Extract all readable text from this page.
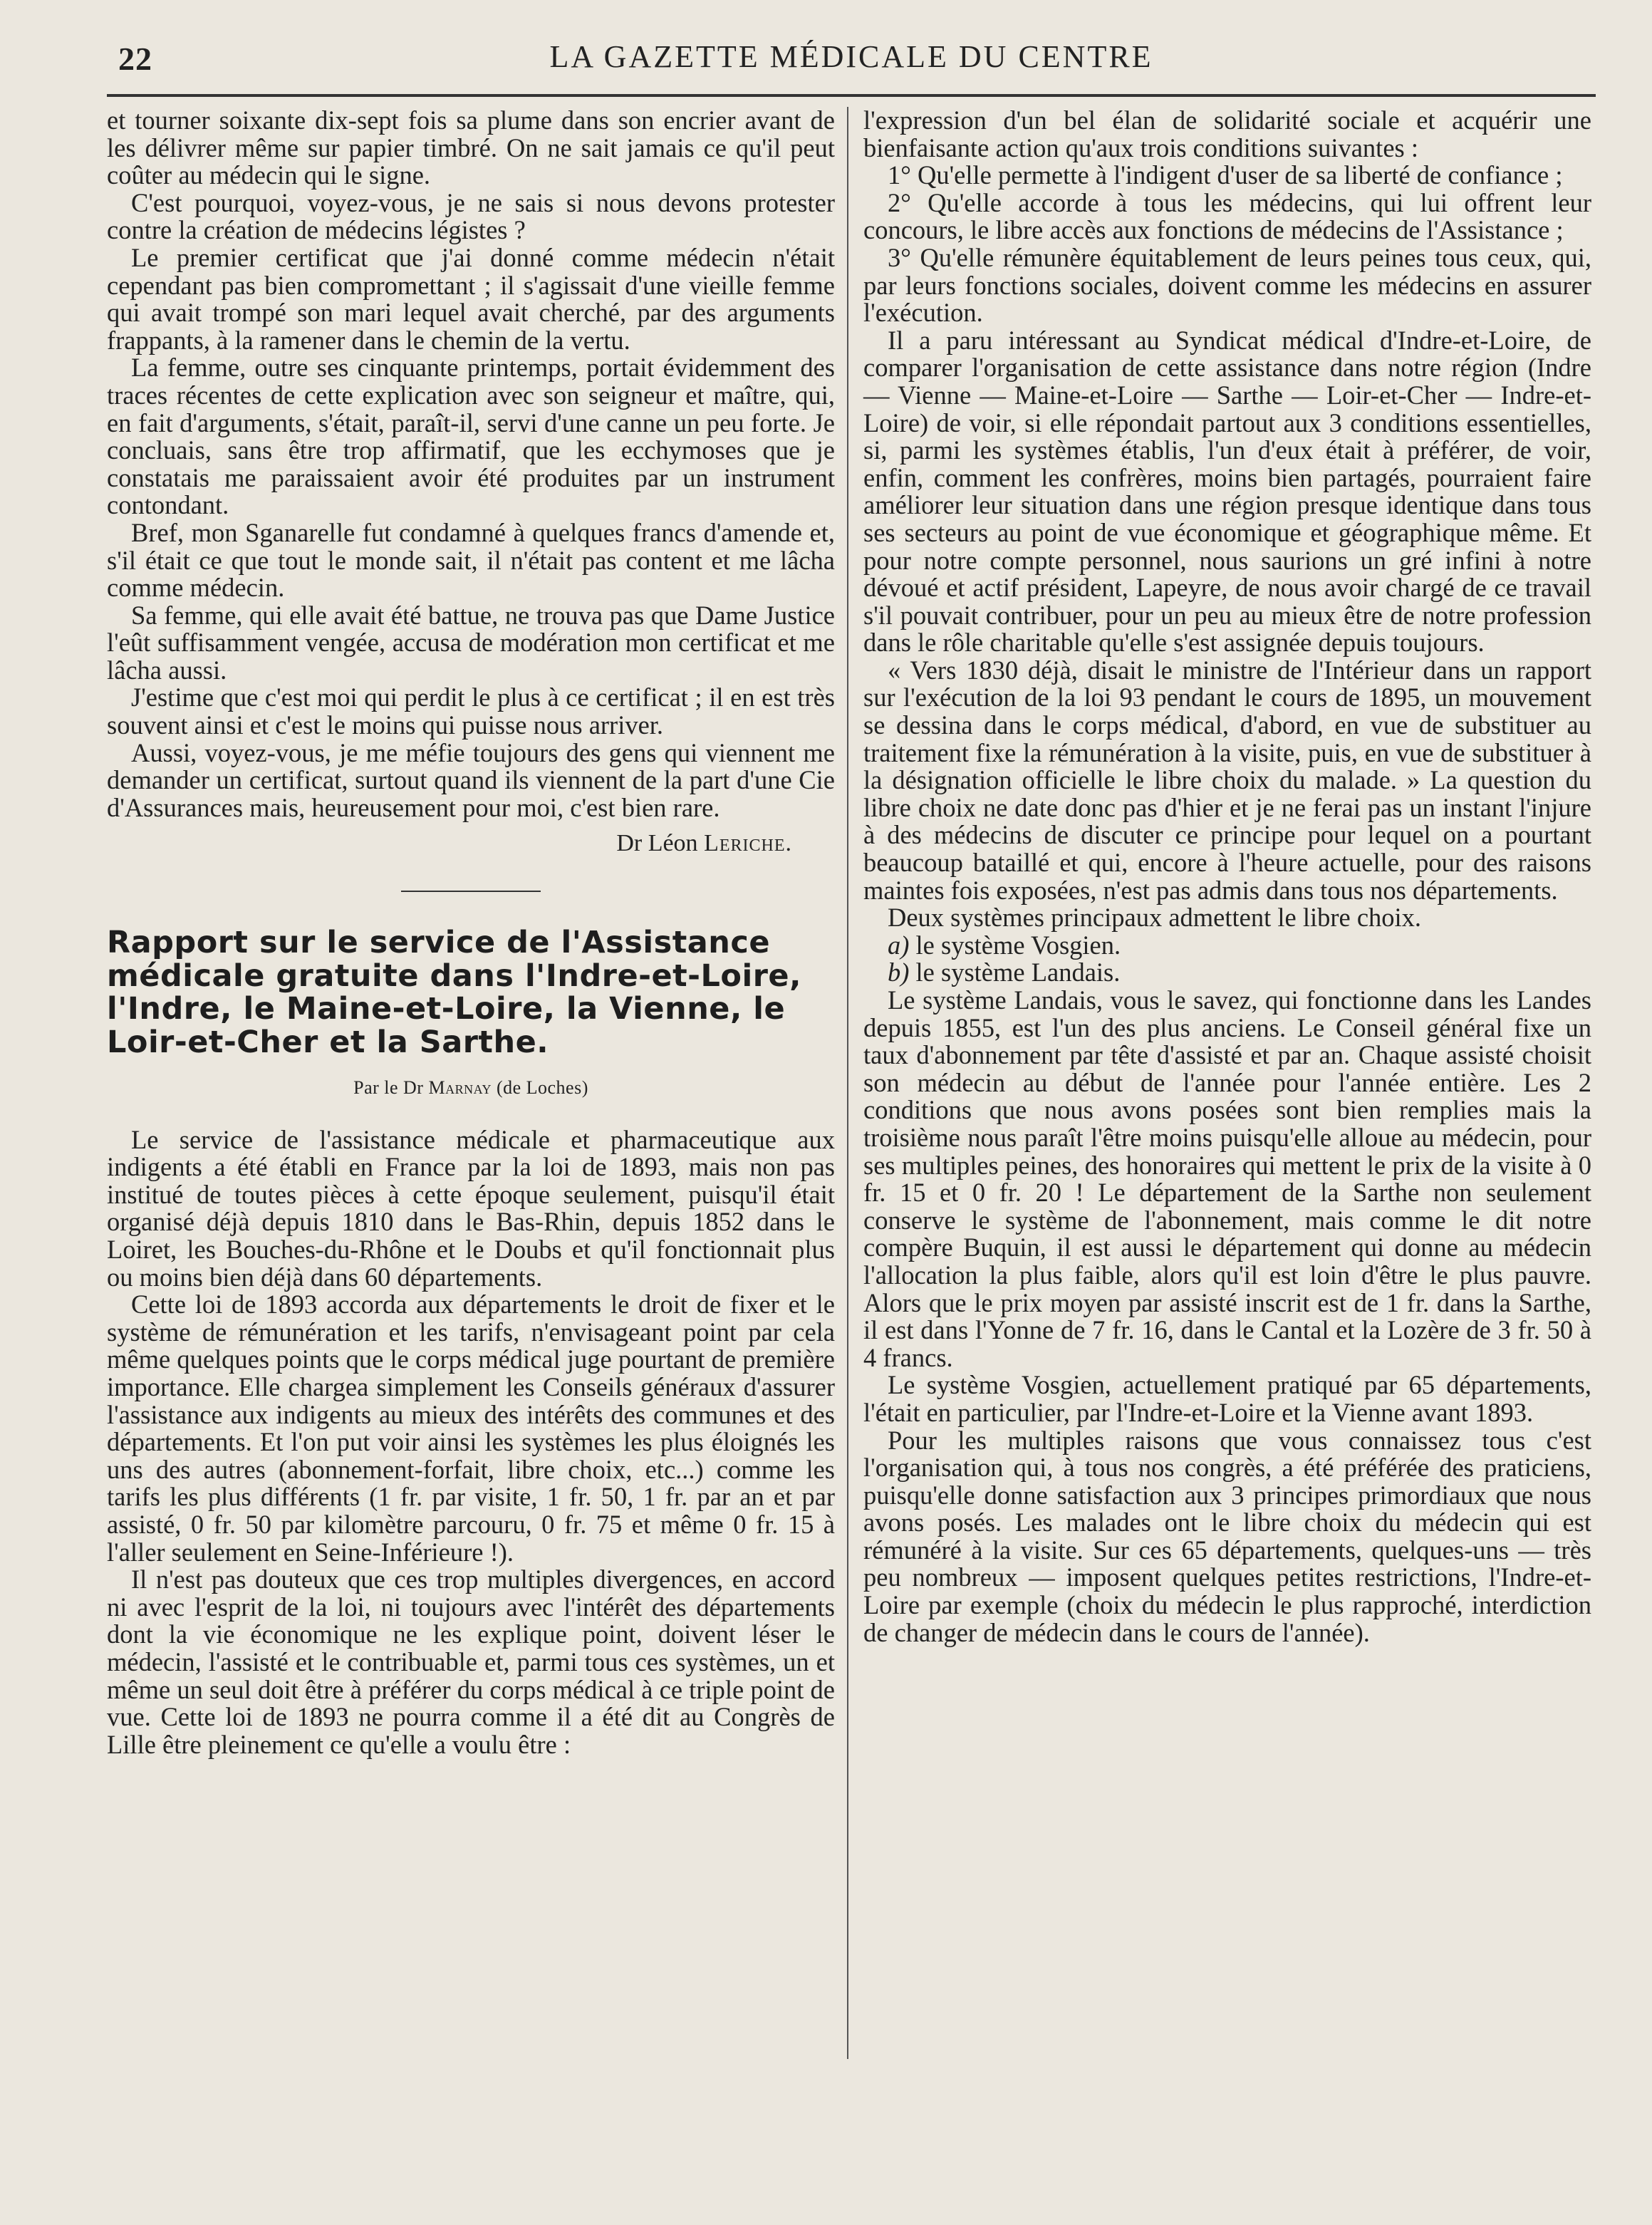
22	LA GAZETTE MÉDICALE DU CENTRE

et tourner soixante dix-sept fois sa plume dans son encrier avant de les délivrer même sur papier timbré. On ne sait jamais ce qu'il peut coûter au médecin qui le signe.

C'est pourquoi, voyez-vous, je ne sais si nous devons protester contre la création de médecins légistes ?

Le premier certificat que j'ai donné comme médecin n'était cependant pas bien compromettant ; il s'agissait d'une vieille femme qui avait trompé son mari lequel avait cherché, par des arguments frappants, à la ramener dans le chemin de la vertu.

La femme, outre ses cinquante printemps, portait évidemment des traces récentes de cette explication avec son seigneur et maître, qui, en fait d'arguments, s'était, paraît-il, servi d'une canne un peu forte. Je concluais, sans être trop affirmatif, que les ecchymoses que je constatais me paraissaient avoir été produites par un instrument contondant.

Bref, mon Sganarelle fut condamné à quelques francs d'amende et, s'il était ce que tout le monde sait, il n'était pas content et me lâcha comme médecin.

Sa femme, qui elle avait été battue, ne trouva pas que Dame Justice l'eût suffisamment vengée, accusa de modération mon certificat et me lâcha aussi.

J'estime que c'est moi qui perdit le plus à ce certificat ; il en est très souvent ainsi et c'est le moins qui puisse nous arriver.

Aussi, voyez-vous, je me méfie toujours des gens qui viennent me demander un certificat, surtout quand ils viennent de la part d'une Cie d'Assurances mais, heureusement pour moi, c'est bien rare.

Dr Léon Leriche.

Rapport sur le service de l'Assistance médicale gratuite dans l'Indre-et-Loire, l'Indre, le Maine-et-Loire, la Vienne, le Loir-et-Cher et la Sarthe.

Par le Dr Marnay (de Loches)

Le service de l'assistance médicale et pharmaceutique aux indigents a été établi en France par la loi de 1893, mais non pas institué de toutes pièces à cette époque seulement, puisqu'il était organisé déjà depuis 1810 dans le Bas-Rhin, depuis 1852 dans le Loiret, les Bouches-du-Rhône et le Doubs et qu'il fonctionnait plus ou moins bien déjà dans 60 départements.

Cette loi de 1893 accorda aux départements le droit de fixer et le système de rémunération et les tarifs, n'envisageant point par cela même quelques points que le corps médical juge pourtant de première importance. Elle chargea simplement les Conseils généraux d'assurer l'assistance aux indigents au mieux des intérêts des communes et des départements. Et l'on put voir ainsi les systèmes les plus éloignés les uns des autres (abonnement-forfait, libre choix, etc...) comme les tarifs les plus différents (1 fr. par visite, 1 fr. 50, 1 fr. par an et par assisté, 0 fr. 50 par kilomètre parcouru, 0 fr. 75 et même 0 fr. 15 à l'aller seulement en Seine-Inférieure !).

Il n'est pas douteux que ces trop multiples divergences, en accord ni avec l'esprit de la loi, ni toujours avec l'intérêt des départements dont la vie économique ne les explique point, doivent léser le médecin, l'assisté et le contribuable et, parmi tous ces systèmes, un et même un seul doit être à préférer du corps médical à ce triple point de vue. Cette loi de 1893 ne pourra comme il a été dit au Congrès de Lille être pleinement ce qu'elle a voulu être :

l'expression d'un bel élan de solidarité sociale et acquérir une bienfaisante action qu'aux trois conditions suivantes :

1° Qu'elle permette à l'indigent d'user de sa liberté de confiance ;

2° Qu'elle accorde à tous les médecins, qui lui offrent leur concours, le libre accès aux fonctions de médecins de l'Assistance ;

3° Qu'elle rémunère équitablement de leurs peines tous ceux, qui, par leurs fonctions sociales, doivent comme les médecins en assurer l'exécution.

Il a paru intéressant au Syndicat médical d'Indre-et-Loire, de comparer l'organisation de cette assistance dans notre région (Indre — Vienne — Maine-et-Loire — Sarthe — Loir-et-Cher — Indre-et-Loire) de voir, si elle répondait partout aux 3 conditions essentielles, si, parmi les systèmes établis, l'un d'eux était à préférer, de voir, enfin, comment les confrères, moins bien partagés, pourraient faire améliorer leur situation dans une région presque identique dans tous ses secteurs au point de vue économique et géographique même. Et pour notre compte personnel, nous saurions un gré infini à notre dévoué et actif président, Lapeyre, de nous avoir chargé de ce travail s'il pouvait contribuer, pour un peu au mieux être de notre profession dans le rôle charitable qu'elle s'est assignée depuis toujours.

« Vers 1830 déjà, disait le ministre de l'Intérieur dans un rapport sur l'exécution de la loi 93 pendant le cours de 1895, un mouvement se dessina dans le corps médical, d'abord, en vue de substituer au traitement fixe la rémunération à la visite, puis, en vue de substituer à la désignation officielle le libre choix du malade. » La question du libre choix ne date donc pas d'hier et je ne ferai pas un instant l'injure à des médecins de discuter ce principe pour lequel on a pourtant beaucoup bataillé et qui, encore à l'heure actuelle, pour des raisons maintes fois exposées, n'est pas admis dans tous nos départements.

Deux systèmes principaux admettent le libre choix.

a) le système Vosgien.

b) le système Landais.

Le système Landais, vous le savez, qui fonctionne dans les Landes depuis 1855, est l'un des plus anciens. Le Conseil général fixe un taux d'abonnement par tête d'assisté et par an. Chaque assisté choisit son médecin au début de l'année pour l'année entière. Les 2 conditions que nous avons posées sont bien remplies mais la troisième nous paraît l'être moins puisqu'elle alloue au médecin, pour ses multiples peines, des honoraires qui mettent le prix de la visite à 0 fr. 15 et 0 fr. 20 ! Le département de la Sarthe non seulement conserve le système de l'abonnement, mais comme le dit notre compère Buquin, il est aussi le département qui donne au médecin l'allocation la plus faible, alors qu'il est loin d'être le plus pauvre. Alors que le prix moyen par assisté inscrit est de 1 fr. dans la Sarthe, il est dans l'Yonne de 7 fr. 16, dans le Cantal et la Lozère de 3 fr. 50 à 4 francs.

Le système Vosgien, actuellement pratiqué par 65 départements, l'était en particulier, par l'Indre-et-Loire et la Vienne avant 1893.

Pour les multiples raisons que vous connaissez tous c'est l'organisation qui, à tous nos congrès, a été préférée des praticiens, puisqu'elle donne satisfaction aux 3 principes primordiaux que nous avons posés. Les malades ont le libre choix du médecin qui est rémunéré à la visite. Sur ces 65 départements, quelques-uns — très peu nombreux — imposent quelques petites restrictions, l'Indre-et-Loire par exemple (choix du médecin le plus rapproché, interdiction de changer de médecin dans le cours de l'année).
